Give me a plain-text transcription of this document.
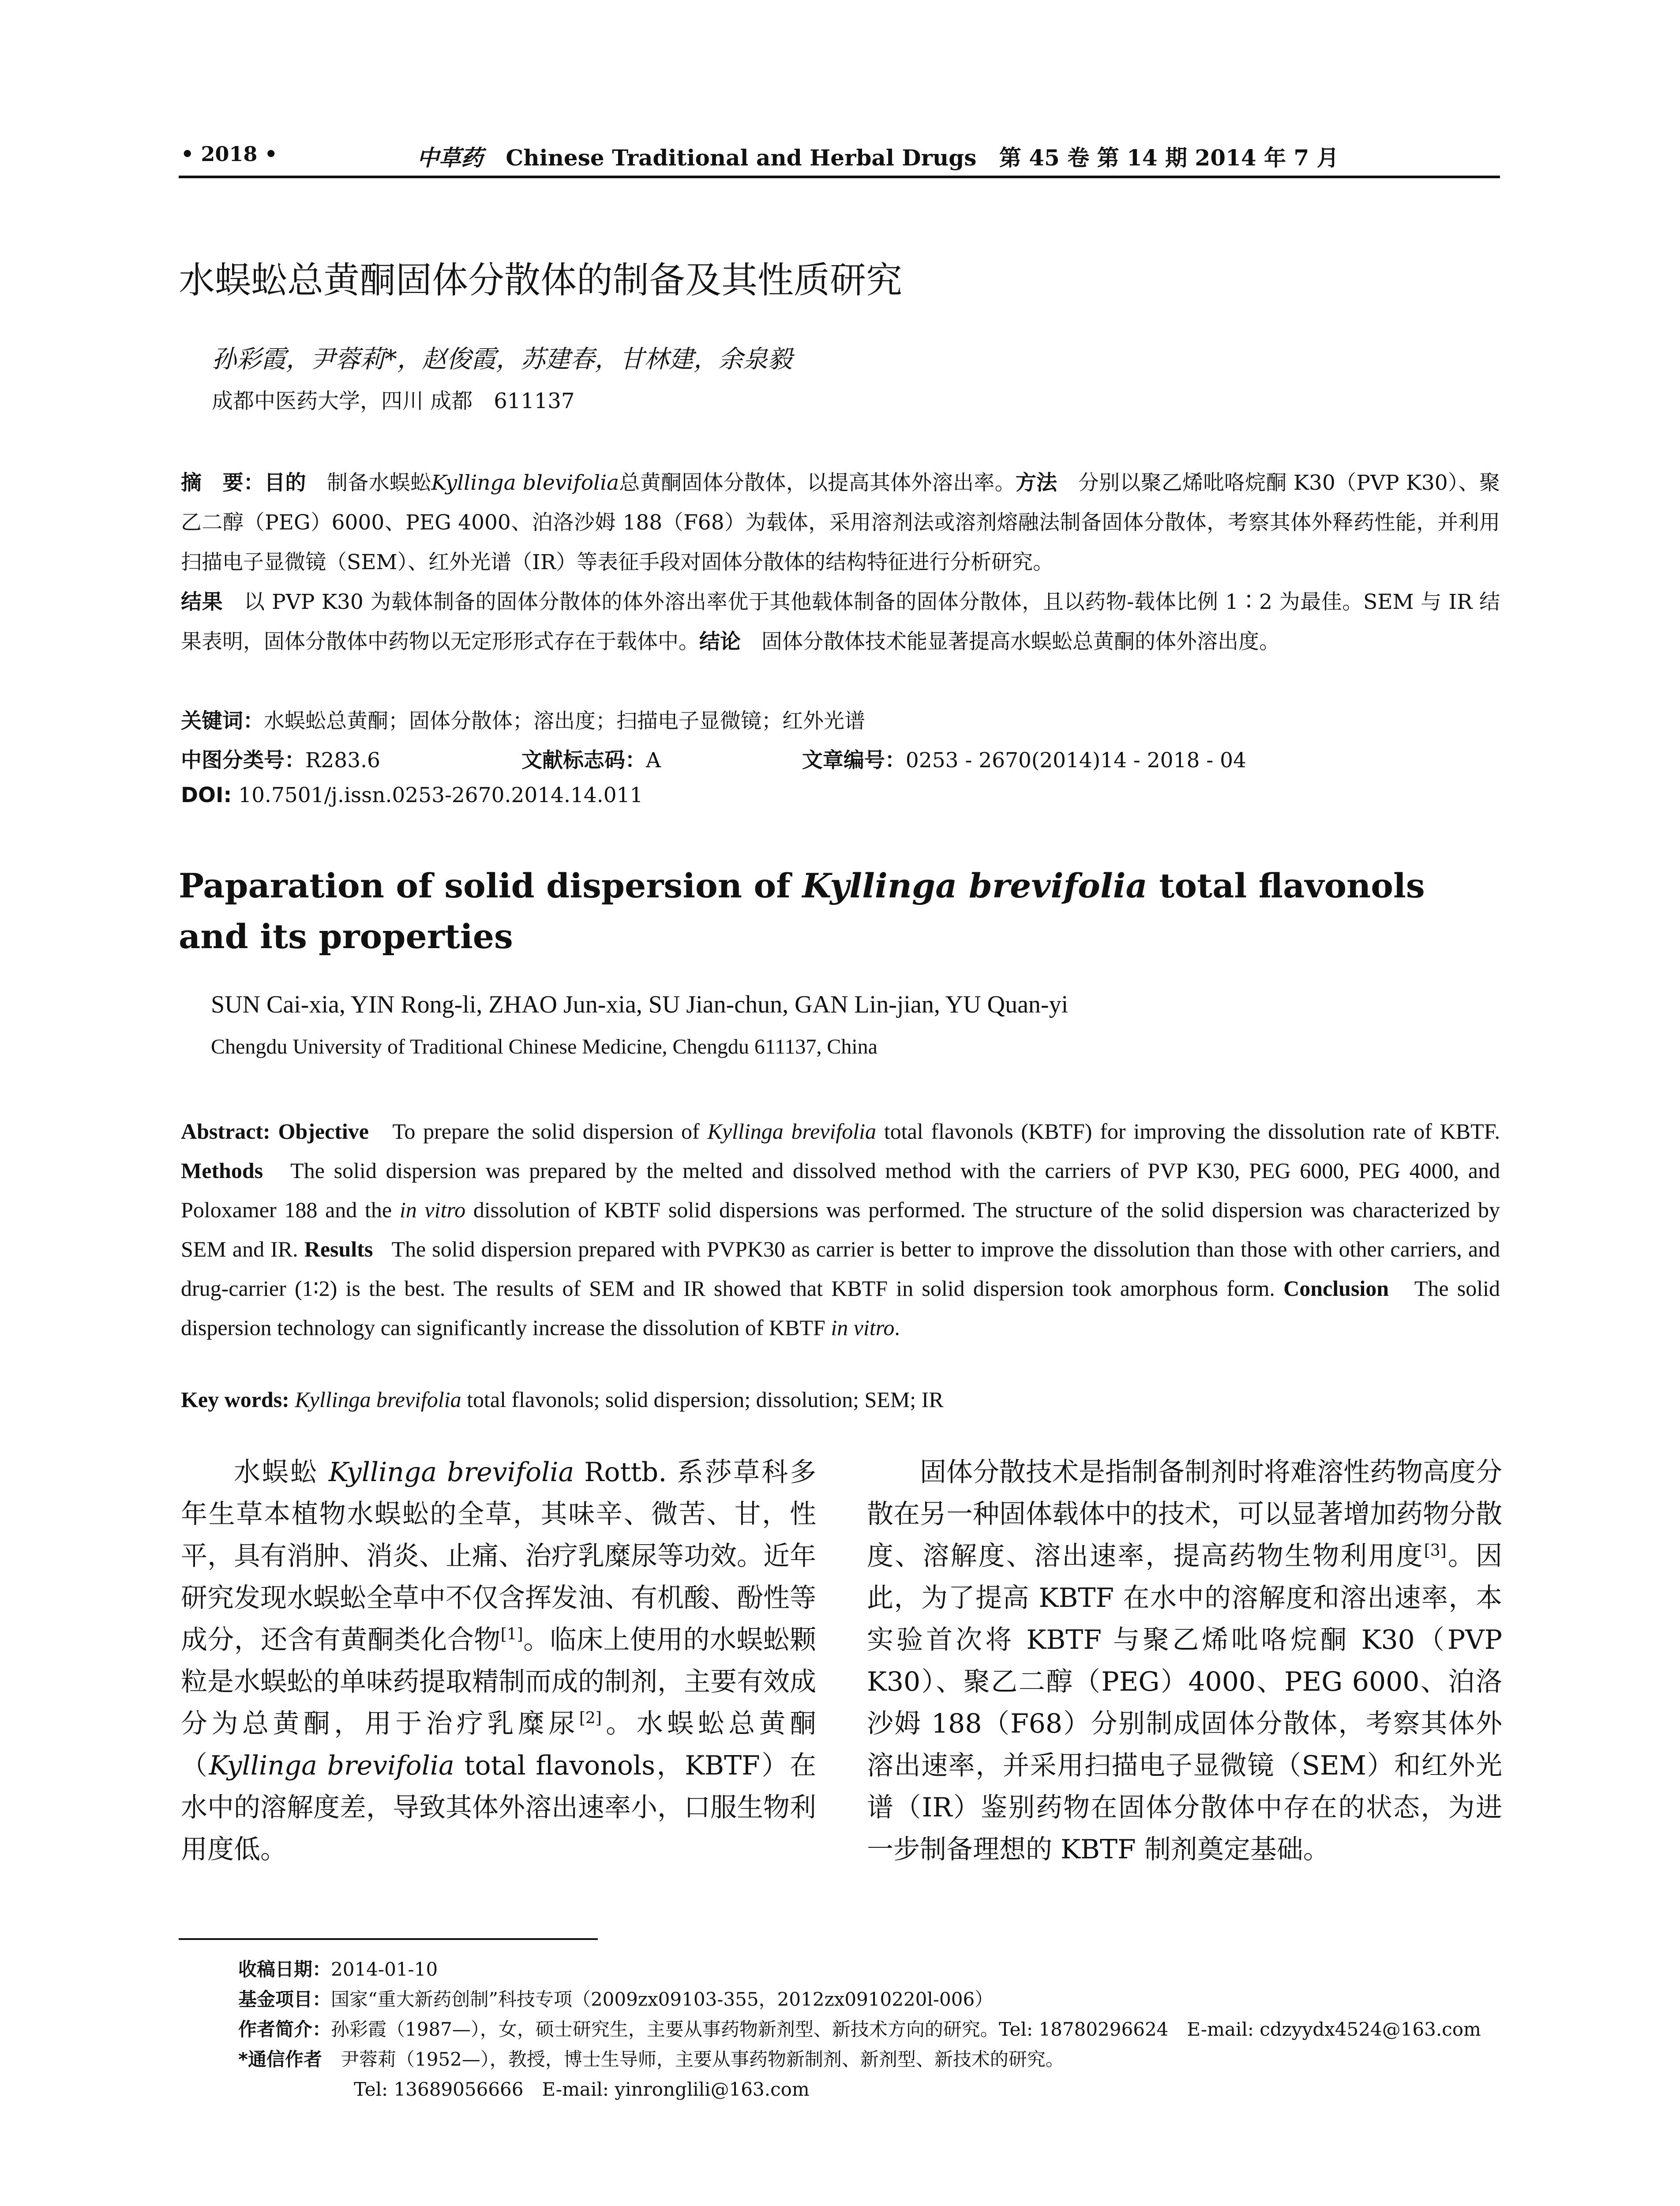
• 2018 •	中草药 Chinese Traditional and Herbal Drugs 第 45 卷 第 14 期 2014 年 7 月
水蜈蚣总黄酮固体分散体的制备及其性质研究
孙彩霞，尹蓉莉*，赵俊霞，苏建春，甘林建，余泉毅
成都中医药大学，四川 成都　611137
摘　要：目的　 制备水蜈蚣Kyllinga blevifolia总黄酮固体分散体，以提高其体外溶出率。方法　 分别以聚乙烯吡咯烷酮 K30（PVP K30）、聚乙二醇（PEG）6000、PEG 4000、泊洛沙姆 188（F68）为载体，采用溶剂法或溶剂熔融法制备固体分散体，考察其体外释药性能，并利用扫描电子显微镜（SEM）、红外光谱（IR）等表征手段对固体分散体的结构特征进行分析研究。
结果　 以 PVP K30 为载体制备的固体分散体的体外溶出率优于其他载体制备的固体分散体，且以药物-载体比例 1∶2 为最佳。SEM 与 IR 结果表明，固体分散体中药物以无定形形式存在于载体中。结论　 固体分散体技术能显著提高水蜈蚣总黄酮的体外溶出度。
关键词：水蜈蚣总黄酮；固体分散体；溶出度；扫描电子显微镜；红外光谱
中图分类号：R283.6	文献标志码：A	文章编号：0253 - 2670(2014)14 - 2018 - 04
DOI: 10.7501/j.issn.0253-2670.2014.14.011
Paparation of solid dispersion of Kyllinga brevifolia total flavonols and its properties
SUN Cai-xia, YIN Rong-li, ZHAO Jun-xia, SU Jian-chun, GAN Lin-jian, YU Quan-yi
Chengdu University of Traditional Chinese Medicine, Chengdu 611137, China
Abstract: Objective To prepare the solid dispersion of Kyllinga brevifolia total flavonols (KBTF) for improving the dissolution rate of KBTF. Methods The solid dispersion was prepared by the melted and dissolved method with the carriers of PVP K30, PEG 6000, PEG 4000, and Poloxamer 188 and the in vitro dissolution of KBTF solid dispersions was performed. The structure of the solid dispersion was characterized by SEM and IR. Results The solid dispersion prepared with PVPK30 as carrier is better to improve the dissolution than those with other carriers, and drug-carrier (1∶2) is the best. The results of SEM and IR showed that KBTF in solid dispersion took amorphous form. Conclusion The solid dispersion technology can significantly increase the dissolution of KBTF in vitro.
Key words: Kyllinga brevifolia total flavonols; solid dispersion; dissolution; SEM; IR

水蜈蚣 Kyllinga brevifolia Rottb. 系莎草科多年生草本植物水蜈蚣的全草，其味辛、微苦、甘，性平，具有消肿、消炎、止痛、治疗乳糜尿等功效。近年研究发现水蜈蚣全草中不仅含挥发油、有机酸、酚性等成分，还含有黄酮类化合物[1]。临床上使用的水蜈蚣颗粒是水蜈蚣的单味药提取精制而成的制剂，主要有效成分为总黄酮，用于治疗乳糜尿[2]。水蜈蚣总黄酮（Kyllinga brevifolia total flavonols，KBTF）在水中的溶解度差，导致其体外溶出速率小，口服生物利用度低。

固体分散技术是指制备制剂时将难溶性药物高度分散在另一种固体载体中的技术，可以显著增加药物分散度、溶解度、溶出速率，提高药物生物利用度[3]。因此，为了提高 KBTF 在水中的溶解度和溶出速率，本实验首次将 KBTF 与聚乙烯吡咯烷酮 K30（PVP K30）、聚乙二醇（PEG）4000、PEG 6000、泊洛沙姆 188（F68）分别制成固体分散体，考察其体外溶出速率，并采用扫描电子显微镜（SEM）和红外光谱（IR）鉴别药物在固体分散体中存在的状态，为进一步制备理想的 KBTF 制剂奠定基础。

收稿日期：2014-01-10
基金项目：国家“重大新药创制”科技专项（2009zx09103-355，2012zx0910220l-006）
作者简介：孙彩霞（1987—），女，硕士研究生，主要从事药物新剂型、新技术方向的研究。Tel: 18780296624　E-mail: cdzyydx4524@163.com
*通信作者　尹蓉莉（1952—），教授，博士生导师，主要从事药物新制剂、新剂型、新技术的研究。
Tel: 13689056666　E-mail: yinronglili@163.com
